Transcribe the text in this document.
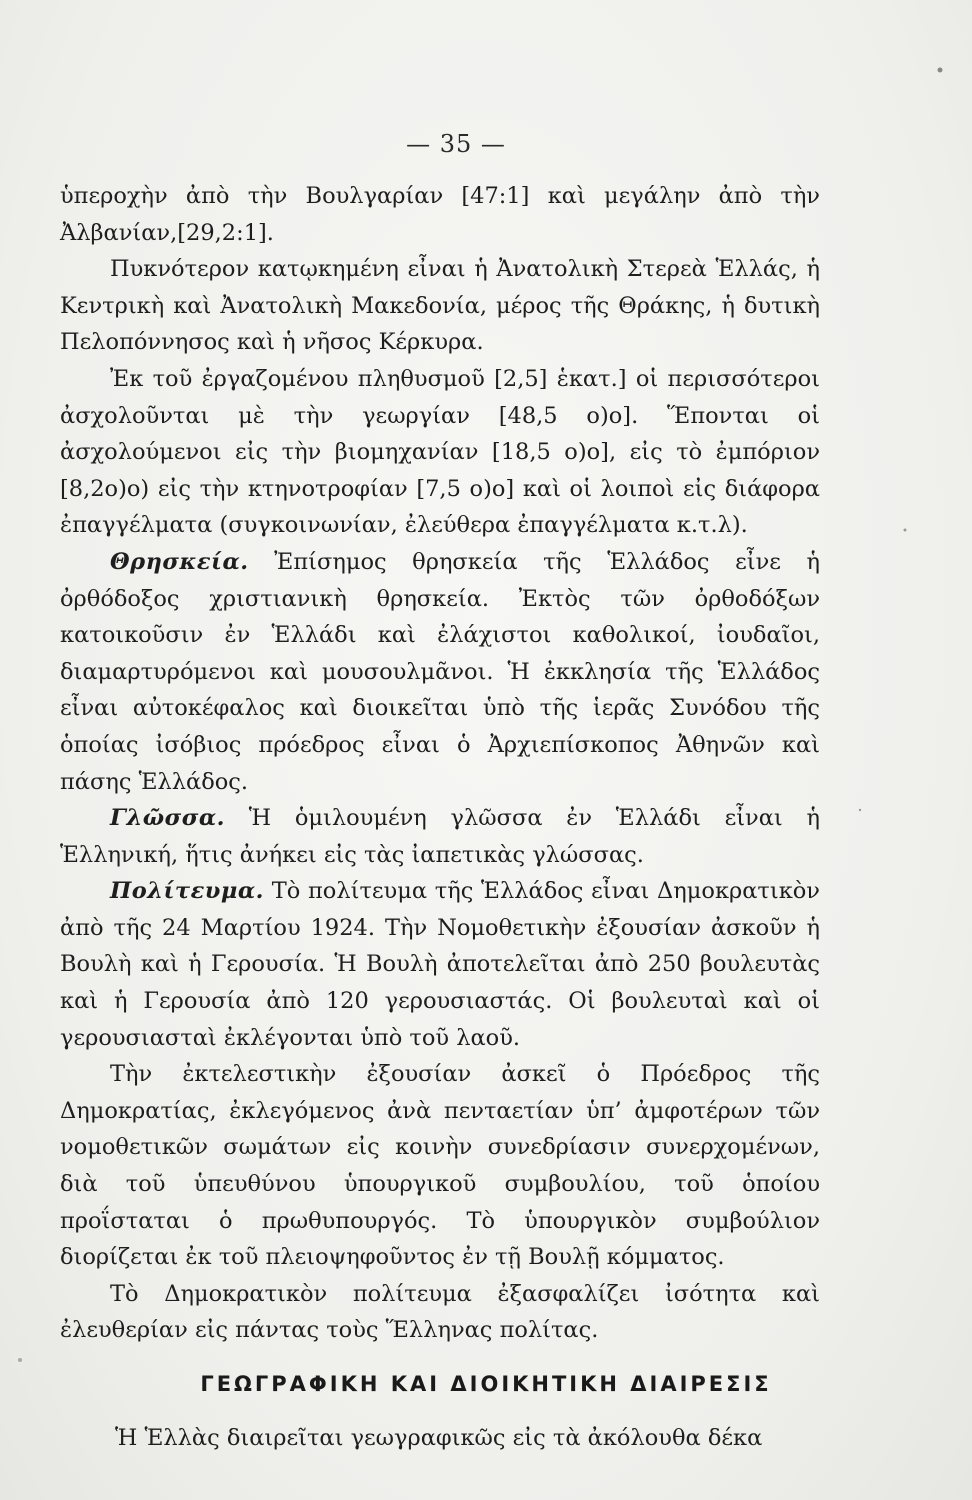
— 35 —

ὑπεροχὴν ἀπὸ τὴν Βουλγαρίαν [47:1] καὶ μεγάλην ἀπὸ τὴν Ἀλβανίαν,[29,2:1].

Πυκνότερον κατῳκημένη εἶναι ἡ Ἀνατολικὴ Στερεὰ Ἑλλάς, ἡ Κεντρικὴ καὶ Ἀνατολικὴ Μακεδονία, μέρος τῆς Θράκης, ἡ δυτικὴ Πελοπόννησος καὶ ἡ νῆσος Κέρκυρα.

Ἐκ τοῦ ἐργαζομένου πληθυσμοῦ [2,5] ἑκατ.] οἱ περισσότεροι ἀσχολοῦνται μὲ τὴν γεωργίαν [48,5 ο)ο]. Ἕπονται οἱ ἀσχολούμενοι εἰς τὴν βιομηχανίαν [18,5 ο)ο], εἰς τὸ ἐμπόριον [8,2ο)ο) εἰς τὴν κτηνοτροφίαν [7,5 ο)ο] καὶ οἱ λοιποὶ εἰς διάφορα ἐπαγγέλματα (συγκοινωνίαν, ἐλεύθερα ἐπαγγέλματα κ.τ.λ).

Θρησκεία. Ἐπίσημος θρησκεία τῆς Ἑλλάδος εἶνε ἡ ὀρθόδοξος χριστιανικὴ θρησκεία. Ἐκτὸς τῶν ὀρθοδόξων κατοικοῦσιν ἐν Ἑλλάδι καὶ ἐλάχιστοι καθολικοί, ἰουδαῖοι, διαμαρτυρόμενοι καὶ μουσουλμᾶνοι. Ἡ ἐκκλησία τῆς Ἑλλάδος εἶναι αὐτοκέφαλος καὶ διοικεῖται ὑπὸ τῆς ἱερᾶς Συνόδου τῆς ὁποίας ἰσόβιος πρόεδρος εἶναι ὁ Ἀρχιεπίσκοπος Ἀθηνῶν καὶ πάσης Ἑλλάδος.

Γλῶσσα. Ἡ ὁμιλουμένη γλῶσσα ἐν Ἑλλάδι εἶναι ἡ Ἑλληνική, ἥτις ἀνήκει εἰς τὰς ἰαπετικὰς γλώσσας.

Πολίτευμα. Τὸ πολίτευμα τῆς Ἑλλάδος εἶναι Δημοκρατικὸν ἀπὸ τῆς 24 Μαρτίου 1924. Τὴν Νομοθετικὴν ἐξουσίαν ἀσκοῦν ἡ Βουλὴ καὶ ἡ Γερουσία. Ἡ Βουλὴ ἀποτελεῖται ἀπὸ 250 βουλευτὰς καὶ ἡ Γερουσία ἀπὸ 120 γερουσιαστάς. Οἱ βουλευταὶ καὶ οἱ γερουσιασταὶ ἐκλέγονται ὑπὸ τοῦ λαοῦ.

Τὴν ἐκτελεστικὴν ἐξουσίαν ἀσκεῖ ὁ Πρόεδρος τῆς Δημοκρατίας, ἐκλεγόμενος ἀνὰ πενταετίαν ὑπ’ ἀμφοτέρων τῶν νομοθετικῶν σωμάτων εἰς κοινὴν συνεδρίασιν συνερχομένων, διὰ τοῦ ὑπευθύνου ὑπουργικοῦ συμβουλίου, τοῦ ὁποίου προΐσταται ὁ πρωθυπουργός. Τὸ ὑπουργικὸν συμβούλιον διορίζεται ἐκ τοῦ πλειοψηφοῦντος ἐν τῇ Βουλῇ κόμματος.

Τὸ Δημοκρατικὸν πολίτευμα ἐξασφαλίζει ἰσότητα καὶ ἐλευθερίαν εἰς πάντας τοὺς Ἕλληνας πολίτας.

ΓΕΩΓΡΑΦΙΚΗ ΚΑΙ ΔΙΟΙΚΗΤΙΚΗ ΔΙΑΙΡΕΣΙΣ
Ἡ Ἑλλὰς διαιρεῖται γεωγραφικῶς εἰς τὰ ἀκόλουθα δέκα
